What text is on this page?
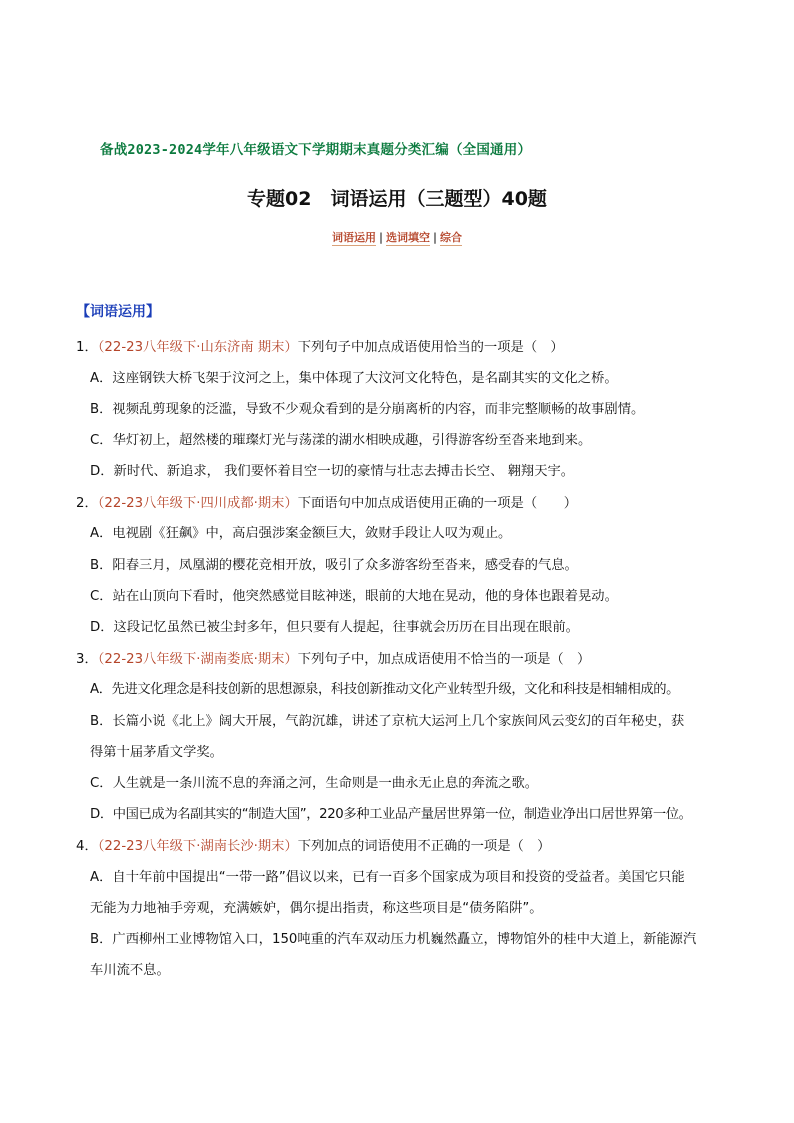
备战2023-2024学年八年级语文下学期期末真题分类汇编（全国通用）
专题02　词语运用（三题型）40题
词语运用 | 选词填空 | 综合
【词语运用】
1．（22-23八年级下·山东济南 期末）下列句子中加点成语使用恰当的一项是（　）
A．这座钢铁大桥飞架于汶河之上，集中体现了大汶河文化特色，是名副其实的文化之桥。
B．视频乱剪现象的泛滥，导致不少观众看到的是分崩离析的内容，而非完整顺畅的故事剧情。
C．华灯初上，超然楼的璀璨灯光与荡漾的湖水相映成趣，引得游客纷至沓来地到来。
D．新时代、新追求， 我们要怀着目空一切的豪情与壮志去搏击长空、 翱翔天宇。
2．（22-23八年级下·四川成都·期末）下面语句中加点成语使用正确的一项是（　　）
A．电视剧《狂飙》中，高启强涉案金额巨大，敛财手段让人叹为观止。
B．阳春三月，凤凰湖的樱花竞相开放，吸引了众多游客纷至沓来，感受春的气息。
C．站在山顶向下看时，他突然感觉目眩神迷，眼前的大地在晃动，他的身体也跟着晃动。
D．这段记忆虽然已被尘封多年，但只要有人提起，往事就会历历在目出现在眼前。
3．（22-23八年级下·湖南娄底·期末）下列句子中，加点成语使用不恰当的一项是（　）
A．先进文化理念是科技创新的思想源泉，科技创新推动文化产业转型升级，文化和科技是相辅相成的。
B．长篇小说《北上》阔大开展，气韵沉雄，讲述了京杭大运河上几个家族间风云变幻的百年秘史，获
得第十届茅盾文学奖。
C．人生就是一条川流不息的奔涌之河，生命则是一曲永无止息的奔流之歌。
D．中国已成为名副其实的“制造大国”，220多种工业品产量居世界第一位，制造业净出口居世界第一位。
4．（22-23八年级下·湖南长沙·期末）下列加点的词语使用不正确的一项是（　）
A．自十年前中国提出“一带一路”倡议以来，已有一百多个国家成为项目和投资的受益者。美国它只能
无能为力地袖手旁观，充满嫉妒，偶尔提出指责，称这些项目是“债务陷阱”。
B．广西柳州工业博物馆入口，150吨重的汽车双动压力机巍然矗立，博物馆外的桂中大道上，新能源汽
车川流不息。
